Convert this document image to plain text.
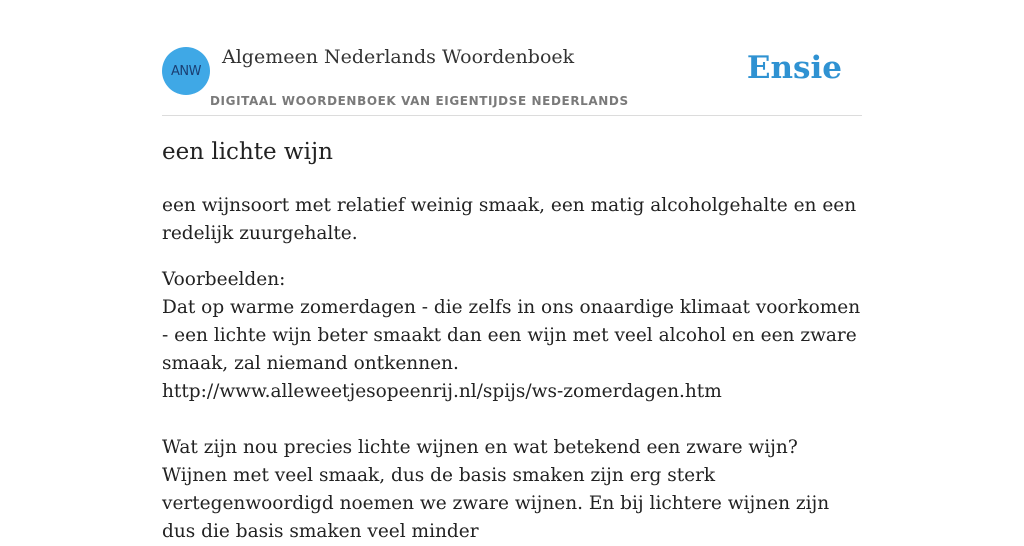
ANW
Algemeen Nederlands Woordenboek
DIGITAAL WOORDENBOEK VAN EIGENTIJDSE NEDERLANDS
Ensie
een lichte wijn

een wijnsoort met relatief weinig smaak, een matig alcoholgehalte en een redelijk zuurgehalte.

Voorbeelden:

Dat op warme zomerdagen - die zelfs in ons onaardige klimaat voorkomen - een lichte wijn beter smaakt dan een wijn met veel alcohol en een zware smaak, zal niemand ontkennen.

http://www.alleweetjesopeenrij.nl/spijs/ws-zomerdagen.htm

Wat zijn nou precies lichte wijnen en wat betekend een zware wijn? Wijnen met veel smaak, dus de basis smaken zijn erg sterk vertegenwoordigd noemen we zware wijnen. En bij lichtere wijnen zijn dus die basis smaken veel minder
